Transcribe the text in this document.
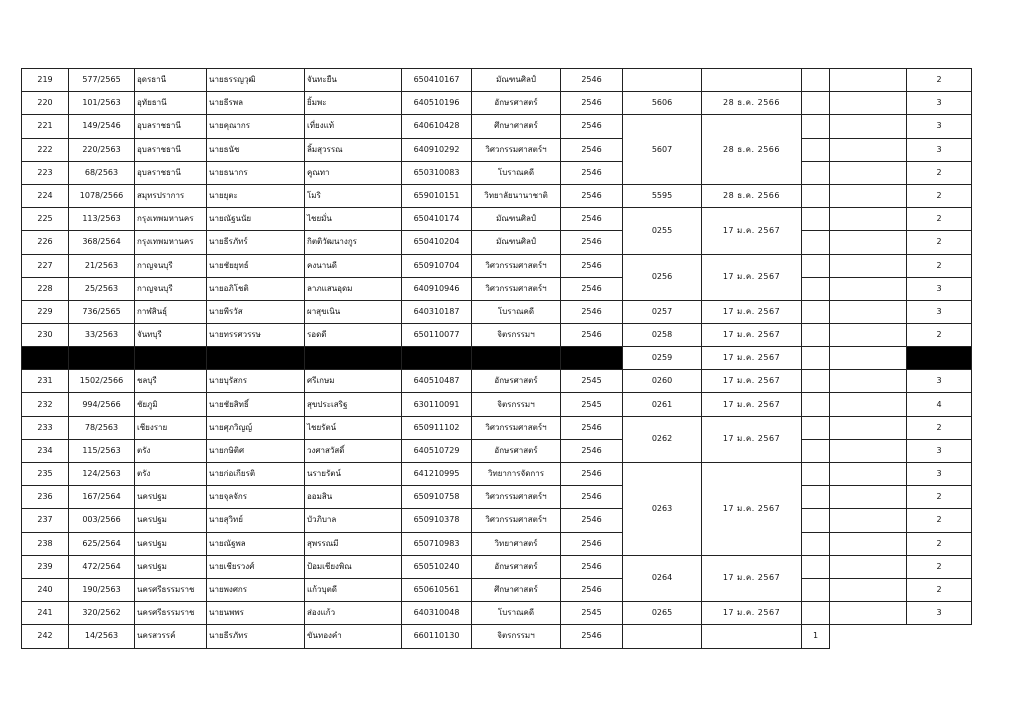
219	577/2565	อุดรธานี	นายธรรญวุฒิ	จันทะยืน	650410167	มัณฑนศิลป์	2546					2
220	101/2563	อุทัยธานี	นายธีรพล	ยิ้มพะ	640510196	อักษรศาสตร์	2546	5606	28 ธ.ค. 2566			3
221	149/2546	อุบลราชธานี	นายคุณากร	เที่ยงแท้	640610428	ศึกษาศาสตร์	2546	5607	28 ธ.ค. 2566			3
222	220/2563	อุบลราชธานี	นายธนัช	ลิ้มสุวรรณ	640910292	วิศวกรรมศาสตร์ฯ	2546					3
223	68/2563	อุบลราชธานี	นายธนากร	คูณทา	650310083	โบราณคดี	2546					2
224	1078/2566	สมุทรปราการ	นายยุตะ	โมริ	659010151	วิทยาลัยนานาชาติ	2546	5595	28 ธ.ค. 2566			2
225	113/2563	กรุงเทพมหานคร	นายณัฐนนัย	ไชยมั่น	650410174	มัณฑนศิลป์	2546	0255	17 ม.ค. 2567			2
226	368/2564	กรุงเทพมหานคร	นายธีรภัทร์	กิตติวัฒนางกูร	650410204	มัณฑนศิลป์	2546					2
227	21/2563	กาญจนบุรี	นายชัยยุทธ์	คงนานดี	650910704	วิศวกรรมศาสตร์ฯ	2546	0256	17 ม.ค. 2567			2
228	25/2563	กาญจนบุรี	นายอภิโชติ	ลาภแสนอุดม	640910946	วิศวกรรมศาสตร์ฯ	2546					3
229	736/2565	กาฬสินธุ์	นายพีรวัส	ผาสุขเนิน	640310187	โบราณคดี	2546	0257	17 ม.ค. 2567			3
230	33/2563	จันทบุรี	นายทรรศวรรษ	รอดดี	650110077	จิตรกรรมฯ	2546	0258	17 ม.ค. 2567			2
								0259	17 ม.ค. 2567			
231	1502/2566	ชลบุรี	นายบุรัสกร	ศรีเกษม	640510487	อักษรศาสตร์	2545	0260	17 ม.ค. 2567			3
232	994/2566	ชัยภูมิ	นายชัยสิทธิ์	สุขประเสริฐ	630110091	จิตรกรรมฯ	2545	0261	17 ม.ค. 2567			4
233	78/2563	เชียงราย	นายศุภวิญญ์	ไชยรัตน์	650911102	วิศวกรรมศาสตร์ฯ	2546	0262	17 ม.ค. 2567			2
234	115/2563	ตรัง	นายกษิติศ	วงศาสวัสดิ์	640510729	อักษรศาสตร์	2546					3
235	124/2563	ตรัง	นายก่อเกียรติ	นรายรัตน์	641210995	วิทยาการจัดการ	2546	0263	17 ม.ค. 2567			3
236	167/2564	นครปฐม	นายจุลจักร	ออมสิน	650910758	วิศวกรรมศาสตร์ฯ	2546					2
237	003/2566	นครปฐม	นายสุวิทย์	บัวภิบาล	650910378	วิศวกรรมศาสตร์ฯ	2546					2
238	625/2564	นครปฐม	นายณัฐพล	สุพรรณมี	650710983	วิทยาศาสตร์	2546					2
239	472/2564	นครปฐม	นายเชียรวงศ์	ป้อมเชียงพิณ	650510240	อักษรศาสตร์	2546	0264	17 ม.ค. 2567			2
240	190/2563	นครศรีธรรมราช	นายพงศกร	แก้วบุตดี	650610561	ศึกษาศาสตร์	2546					2
241	320/2562	นครศรีธรรมราช	นายนพพร	ส่องแก้ว	640310048	โบราณคดี	2545	0265	17 ม.ค. 2567			3
242	14/2563	นครสวรรค์	นายธีรภัทร	ขันทองคำ	660110130	จิตรกรรมฯ	2546			1		
